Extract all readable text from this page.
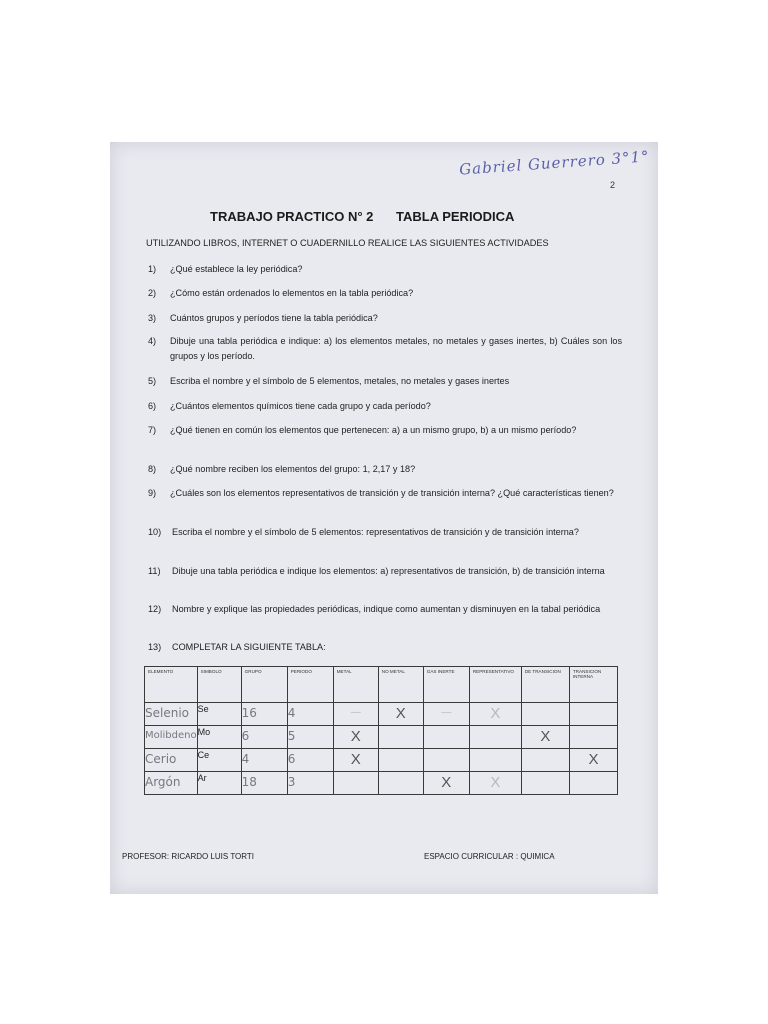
Gabriel Guerrero 3°1°
2
TRABAJO PRACTICO N° 2 TABLA PERIODICA
UTILIZANDO LIBROS, INTERNET O CUADERNILLO REALICE LAS SIGUIENTES ACTIVIDADES
1) ¿Qué establece la ley periódica?
2) ¿Cómo están ordenados lo elementos en la tabla periódica?
3) Cuántos grupos y períodos tiene la tabla periódica?
4) Dibuje una tabla periódica e indique: a) los elementos metales, no metales y gases inertes, b) Cuáles son los grupos y los período.
5) Escriba el nombre y el símbolo de 5 elementos, metales, no metales y gases inertes
6) ¿Cuántos elementos químicos tiene cada grupo y cada período?
7) ¿Qué tienen en común los elementos que pertenecen: a) a un mismo grupo, b) a un mismo período?
8) ¿Qué nombre reciben los elementos del grupo: 1, 2,17 y 18?
9) ¿Cuáles son los elementos representativos de transición y de transición interna? ¿Qué características tienen?
10) Escriba el nombre y el símbolo de 5 elementos: representativos de transición y de transición interna?
11) Dibuje una tabla periódica e indique los elementos: a) representativos de transición, b) de transición interna
12) Nombre y explique las propiedades periódicas, indique como aumentan y disminuyen en la tabal periódica
13) COMPLETAR LA SIGUIENTE TABLA:
ELEMENTO	SIMBOLO	GRUPO	PERIODO	METAL	NO METAL	GAS INERTE	REPRESENTATIVO	DE TRANSICION	TRANSICION INTERNA
Selenio	Se	16	4	—	X	—	X		
Molibdeno	Mo	6	5	X				X	
Cerio	Ce	4	6	X					X
Argón	Ar	18	3			X	X		
PROFESOR: RICARDO LUIS TORTI	ESPACIO CURRICULAR : QUIMICA
